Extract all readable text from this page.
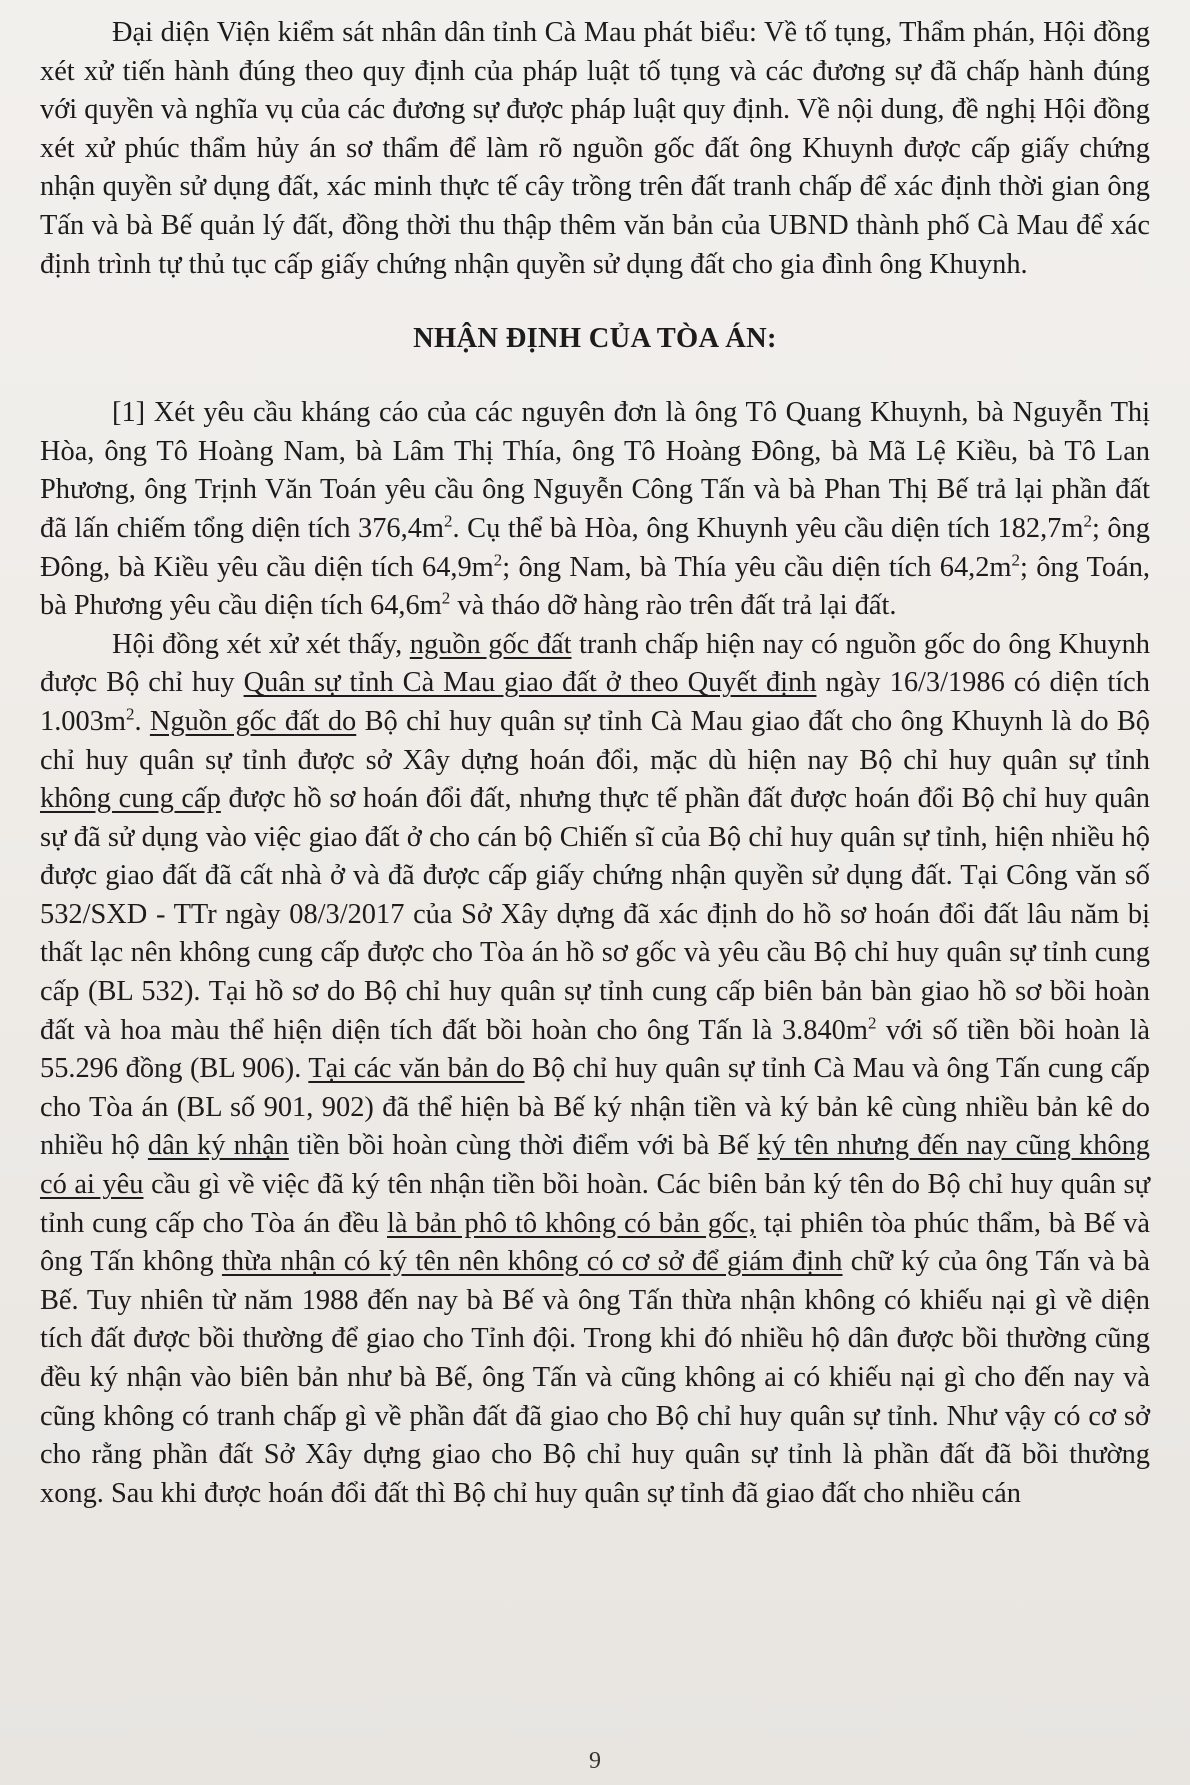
Đại diện Viện kiểm sát nhân dân tỉnh Cà Mau phát biểu: Về tố tụng, Thẩm phán, Hội đồng xét xử tiến hành đúng theo quy định của pháp luật tố tụng và các đương sự đã chấp hành đúng với quyền và nghĩa vụ của các đương sự được pháp luật quy định. Về nội dung, đề nghị Hội đồng xét xử phúc thẩm hủy án sơ thẩm để làm rõ nguồn gốc đất ông Khuynh được cấp giấy chứng nhận quyền sử dụng đất, xác minh thực tế cây trồng trên đất tranh chấp để xác định thời gian ông Tấn và bà Bế quản lý đất, đồng thời thu thập thêm văn bản của UBND thành phố Cà Mau để xác định trình tự thủ tục cấp giấy chứng nhận quyền sử dụng đất cho gia đình ông Khuynh.

NHẬN ĐỊNH CỦA TÒA ÁN:

[1] Xét yêu cầu kháng cáo của các nguyên đơn là ông Tô Quang Khuynh, bà Nguyễn Thị Hòa, ông Tô Hoàng Nam, bà Lâm Thị Thía, ông Tô Hoàng Đông, bà Mã Lệ Kiều, bà Tô Lan Phương, ông Trịnh Văn Toán yêu cầu ông Nguyễn Công Tấn và bà Phan Thị Bế trả lại phần đất đã lấn chiếm tổng diện tích $376,4m^2$. Cụ thể bà Hòa, ông Khuynh yêu cầu diện tích $182,7m^2$; ông Đông, bà Kiều yêu cầu diện tích $64,9m^2$; ông Nam, bà Thía yêu cầu diện tích $64,2m^2$; ông Toán, bà Phương yêu cầu diện tích $64,6m^2$ và tháo dỡ hàng rào trên đất trả lại đất.

Hội đồng xét xử xét thấy, nguồn gốc đất tranh chấp hiện nay có nguồn gốc do ông Khuynh được Bộ chỉ huy Quân sự tỉnh Cà Mau giao đất ở theo Quyết định ngày 16/3/1986 có diện tích $1.003m^2$. Nguồn gốc đất do Bộ chỉ huy quân sự tỉnh Cà Mau giao đất cho ông Khuynh là do Bộ chỉ huy quân sự tỉnh được sở Xây dựng hoán đổi, mặc dù hiện nay Bộ chỉ huy quân sự tỉnh không cung cấp được hồ sơ hoán đổi đất, nhưng thực tế phần đất được hoán đổi Bộ chỉ huy quân sự đã sử dụng vào việc giao đất ở cho cán bộ Chiến sĩ của Bộ chỉ huy quân sự tỉnh, hiện nhiều hộ được giao đất đã cất nhà ở và đã được cấp giấy chứng nhận quyền sử dụng đất. Tại Công văn số 532/SXD - TTr ngày 08/3/2017 của Sở Xây dựng đã xác định do hồ sơ hoán đổi đất lâu năm bị thất lạc nên không cung cấp được cho Tòa án hồ sơ gốc và yêu cầu Bộ chỉ huy quân sự tỉnh cung cấp (BL 532). Tại hồ sơ do Bộ chỉ huy quân sự tỉnh cung cấp biên bản bàn giao hồ sơ bồi hoàn đất và hoa màu thể hiện diện tích đất bồi hoàn cho ông Tấn là $3.840m^2$ với số tiền bồi hoàn là 55.296 đồng (BL 906). Tại các văn bản do Bộ chỉ huy quân sự tỉnh Cà Mau và ông Tấn cung cấp cho Tòa án (BL số 901, 902) đã thể hiện bà Bế ký nhận tiền và ký bản kê cùng nhiều bản kê do nhiều hộ dân ký nhận tiền bồi hoàn cùng thời điểm với bà Bế ký tên nhưng đến nay cũng không có ai yêu cầu gì về việc đã ký tên nhận tiền bồi hoàn. Các biên bản ký tên do Bộ chỉ huy quân sự tỉnh cung cấp cho Tòa án đều là bản phô tô không có bản gốc, tại phiên tòa phúc thẩm, bà Bế và ông Tấn không thừa nhận có ký tên nên không có cơ sở để giám định chữ ký của ông Tấn và bà Bế. Tuy nhiên từ năm 1988 đến nay bà Bế và ông Tấn thừa nhận không có khiếu nại gì về diện tích đất được bồi thường để giao cho Tỉnh đội. Trong khi đó nhiều hộ dân được bồi thường cũng đều ký nhận vào biên bản như bà Bế, ông Tấn và cũng không ai có khiếu nại gì cho đến nay và cũng không có tranh chấp gì về phần đất đã giao cho Bộ chỉ huy quân sự tỉnh. Như vậy có cơ sở cho rằng phần đất Sở Xây dựng giao cho Bộ chỉ huy quân sự tỉnh là phần đất đã bồi thường xong. Sau khi được hoán đổi đất thì Bộ chỉ huy quân sự tỉnh đã giao đất cho nhiều cán

9
